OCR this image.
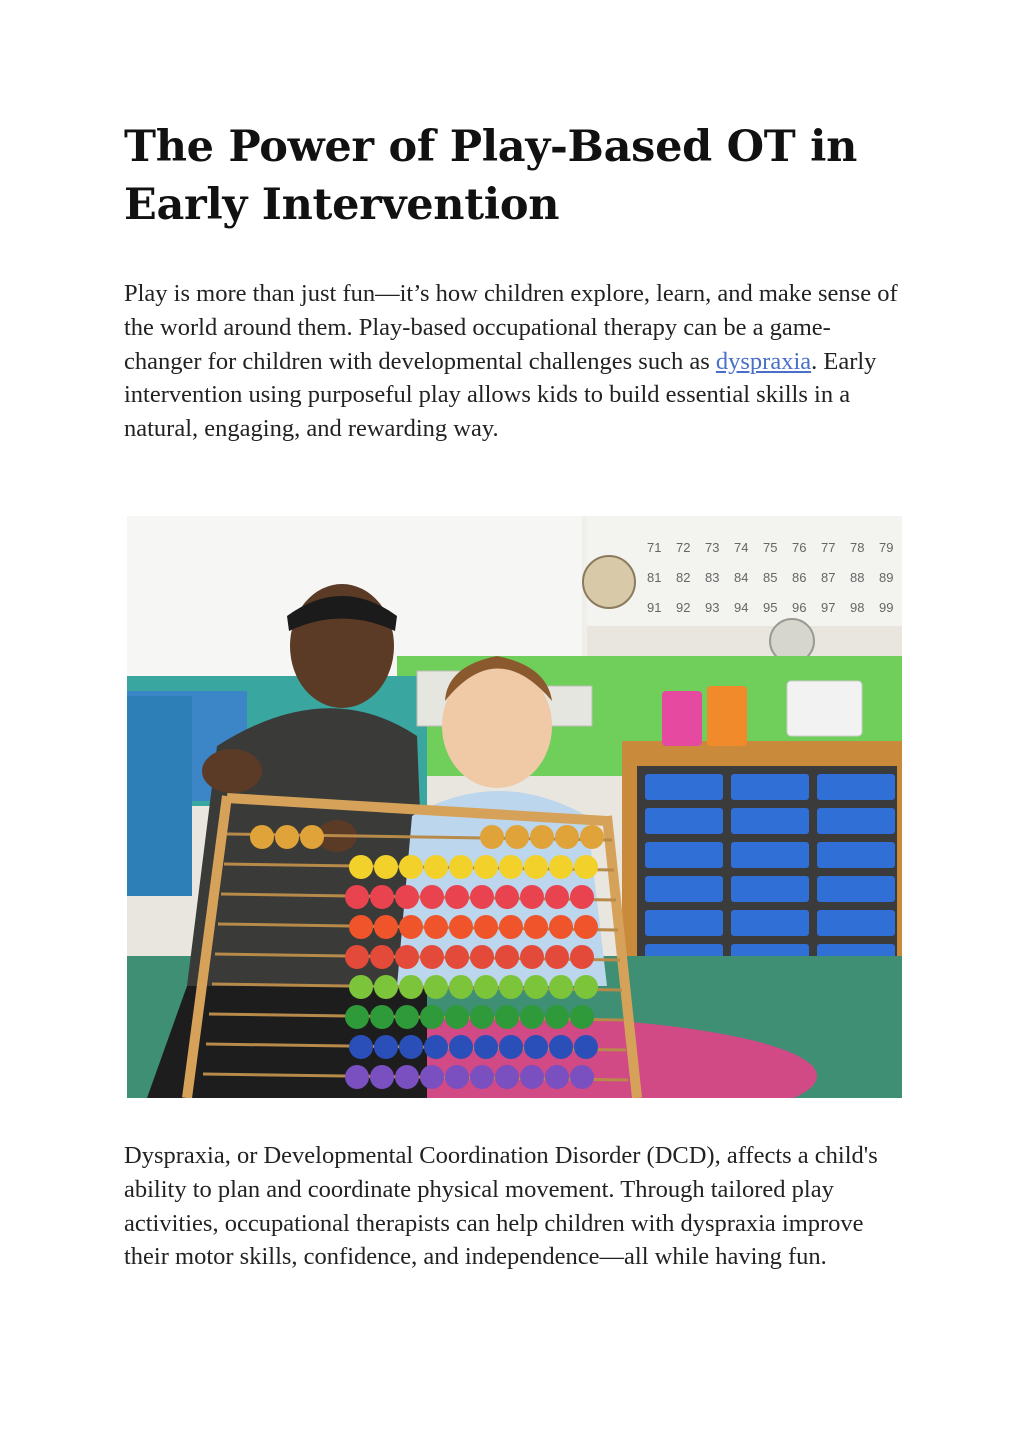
The Power of Play-Based OT in Early Intervention

Play is more than just fun—it’s how children explore, learn, and make sense of the world around them. Play-based occupational therapy can be a game-changer for children with developmental challenges such as dyspraxia. Early intervention using purposeful play allows kids to build essential skills in a natural, engaging, and rewarding way.

71 72 73 74 75 76 77 78 79
81 82 83 84 85 86 87 88 89
91 92 93 94 95 96 97 98 99

Dyspraxia, or Developmental Coordination Disorder (DCD), affects a child's ability to plan and coordinate physical movement. Through tailored play activities, occupational therapists can help children with dyspraxia improve their motor skills, confidence, and independence—all while having fun.
